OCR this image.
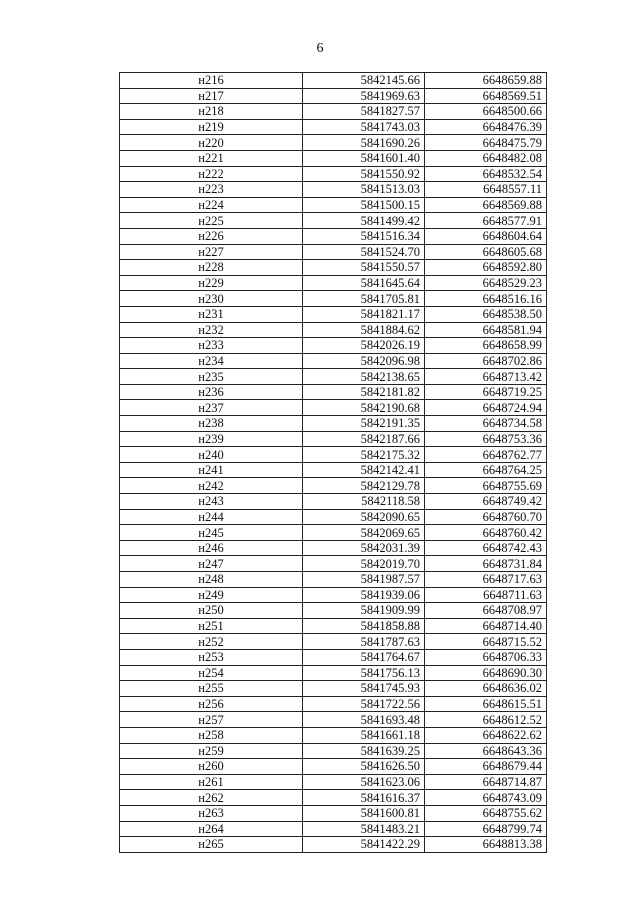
6
н216	5842145.66	6648659.88
н217	5841969.63	6648569.51
н218	5841827.57	6648500.66
н219	5841743.03	6648476.39
н220	5841690.26	6648475.79
н221	5841601.40	6648482.08
н222	5841550.92	6648532.54
н223	5841513.03	6648557.11
н224	5841500.15	6648569.88
н225	5841499.42	6648577.91
н226	5841516.34	6648604.64
н227	5841524.70	6648605.68
н228	5841550.57	6648592.80
н229	5841645.64	6648529.23
н230	5841705.81	6648516.16
н231	5841821.17	6648538.50
н232	5841884.62	6648581.94
н233	5842026.19	6648658.99
н234	5842096.98	6648702.86
н235	5842138.65	6648713.42
н236	5842181.82	6648719.25
н237	5842190.68	6648724.94
н238	5842191.35	6648734.58
н239	5842187.66	6648753.36
н240	5842175.32	6648762.77
н241	5842142.41	6648764.25
н242	5842129.78	6648755.69
н243	5842118.58	6648749.42
н244	5842090.65	6648760.70
н245	5842069.65	6648760.42
н246	5842031.39	6648742.43
н247	5842019.70	6648731.84
н248	5841987.57	6648717.63
н249	5841939.06	6648711.63
н250	5841909.99	6648708.97
н251	5841858.88	6648714.40
н252	5841787.63	6648715.52
н253	5841764.67	6648706.33
н254	5841756.13	6648690.30
н255	5841745.93	6648636.02
н256	5841722.56	6648615.51
н257	5841693.48	6648612.52
н258	5841661.18	6648622.62
н259	5841639.25	6648643.36
н260	5841626.50	6648679.44
н261	5841623.06	6648714.87
н262	5841616.37	6648743.09
н263	5841600.81	6648755.62
н264	5841483.21	6648799.74
н265	5841422.29	6648813.38
